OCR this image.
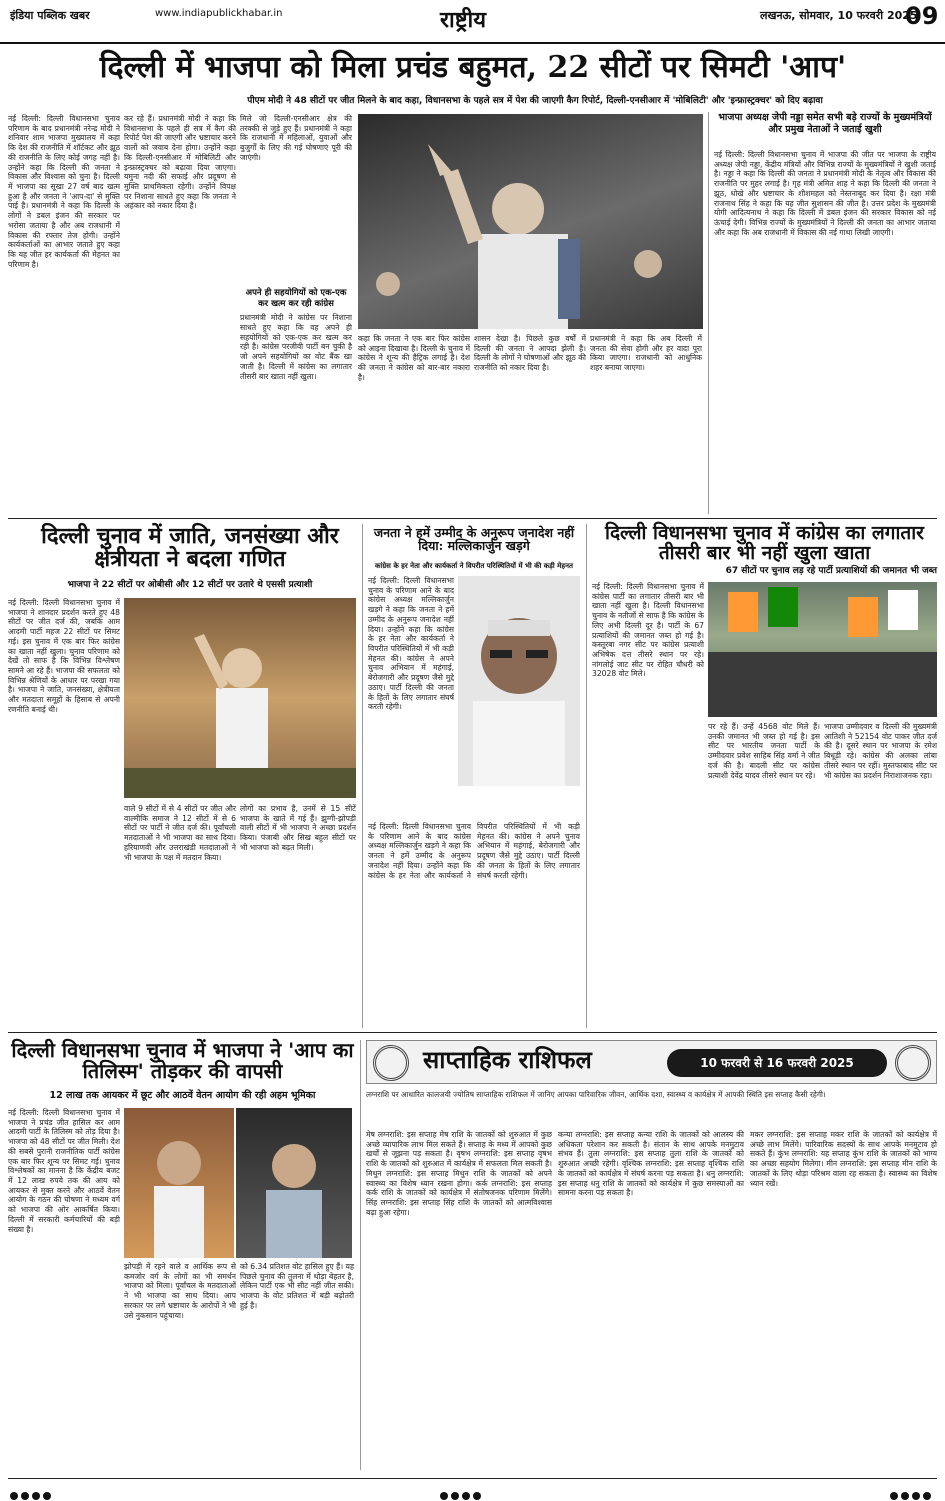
इंडिया पब्लिक खबर	www.indiapublickhabar.in	राष्ट्रीय	लखनऊ, सोमवार, 10 फरवरी 2025
09
दिल्ली में भाजपा को मिला प्रचंड बहुमत, 22 सीटों पर सिमटी 'आप'
पीएम मोदी ने 48 सीटों पर जीत मिलने के बाद कहा, विधानसभा के पहले सत्र में पेश की जाएगी कैग रिपोर्ट, दिल्ली-एनसीआर में 'मोबिलिटी' और 'इन्फ्रास्ट्रक्चर' को दिए बढ़ावा
नई दिल्ली: दिल्ली विधानसभा चुनाव परिणाम के बाद प्रधानमंत्री नरेन्द्र मोदी ने शनिवार शाम भाजपा मुख्यालय में कहा कि देश की राजनीति में शॉर्टकट और झूठ की राजनीति के लिए कोई जगह नहीं है। उन्होंने कहा कि दिल्ली की जनता ने विकास और विश्वास को चुना है। दिल्ली में भाजपा का सूखा 27 वर्ष बाद खत्म हुआ है और जनता ने 'आप-दा' से मुक्ति पाई है। प्रधानमंत्री ने कहा कि दिल्ली के लोगों ने डबल इंजन की सरकार पर भरोसा जताया है और अब राजधानी में विकास की रफ्तार तेज होगी। उन्होंने कार्यकर्ताओं का आभार जताते हुए कहा कि यह जीत हर कार्यकर्ता की मेहनत का परिणाम है।
कर रहे हैं। प्रधानमंत्री मोदी ने कहा कि विधानसभा के पहले ही सत्र में कैग की रिपोर्ट पेश की जाएगी और भ्रष्टाचार करने वालों को जवाब देना होगा। उन्होंने कहा कि दिल्ली-एनसीआर में मोबिलिटी और इन्फ्रास्ट्रक्चर को बढ़ावा दिया जाएगा। यमुना नदी की सफाई और प्रदूषण से मुक्ति प्राथमिकता रहेगी। उन्होंने विपक्ष पर निशाना साधते हुए कहा कि जनता ने अहंकार को नकार दिया है।
मिले जो दिल्ली-एनसीआर क्षेत्र की तरक्की से जुड़े हुए हैं। प्रधानमंत्री ने कहा कि राजधानी में महिलाओं, युवाओं और बुजुर्गों के लिए की गई घोषणाएं पूरी की जाएंगी।
अपने ही सहयोगियों को एक-एक कर खत्म कर रही कांग्रेस
प्रधानमंत्री मोदी ने कांग्रेस पर निशाना साधते हुए कहा कि वह अपने ही सहयोगियों को एक-एक कर खत्म कर रही है। कांग्रेस परजीवी पार्टी बन चुकी है जो अपने सहयोगियों का वोट बैंक खा जाती है। दिल्ली में कांग्रेस का लगातार तीसरी बार खाता नहीं खुला।
कहा कि जनता ने एक बार फिर कांग्रेस को आइना दिखाया है। दिल्ली के चुनाव में कांग्रेस ने शून्य की हैट्रिक लगाई है। देश की जनता ने कांग्रेस को बार-बार नकारा है।
शासन देखा है। पिछले कुछ वर्षों में दिल्ली की जनता ने आपदा झेली है। दिल्ली के लोगों ने घोषणाओं और झूठ की राजनीति को नकार दिया है।
प्रधानमंत्री ने कहा कि अब दिल्ली में जनता की सेवा होगी और हर वादा पूरा किया जाएगा। राजधानी को आधुनिक शहर बनाया जाएगा।
भाजपा अध्यक्ष जेपी नड्डा समेत सभी बड़े राज्यों के मुख्यमंत्रियों और प्रमुख नेताओं ने जताई खुशी
नई दिल्ली: दिल्ली विधानसभा चुनाव में भाजपा की जीत पर भाजपा के राष्ट्रीय अध्यक्ष जेपी नड्डा, केंद्रीय मंत्रियों और विभिन्न राज्यों के मुख्यमंत्रियों ने खुशी जताई है। नड्डा ने कहा कि दिल्ली की जनता ने प्रधानमंत्री मोदी के नेतृत्व और विकास की राजनीति पर मुहर लगाई है। गृह मंत्री अमित शाह ने कहा कि दिल्ली की जनता ने झूठ, धोखे और भ्रष्टाचार के शीशमहल को नेस्तनाबूद कर दिया है। रक्षा मंत्री राजनाथ सिंह ने कहा कि यह जीत सुशासन की जीत है। उत्तर प्रदेश के मुख्यमंत्री योगी आदित्यनाथ ने कहा कि दिल्ली में डबल इंजन की सरकार विकास को नई ऊंचाई देगी। विभिन्न राज्यों के मुख्यमंत्रियों ने दिल्ली की जनता का आभार जताया और कहा कि अब राजधानी में विकास की नई गाथा लिखी जाएगी।
दिल्ली चुनाव में जाति, जनसंख्या और क्षेत्रीयता ने बदला गणित
भाजपा ने 22 सीटों पर ओबीसी और 12 सीटों पर उतारे थे एससी प्रत्याशी
नई दिल्ली: दिल्ली विधानसभा चुनाव में भाजपा ने शानदार प्रदर्शन करते हुए 48 सीटों पर जीत दर्ज की, जबकि आम आदमी पार्टी महज 22 सीटों पर सिमट गई। इस चुनाव में एक बार फिर कांग्रेस का खाता नहीं खुला। चुनाव परिणाम को देखें तो साफ है कि विभिन्न विश्लेषण सामने आ रहे हैं। भाजपा की सफलता को विभिन्न श्रेणियों के आधार पर परखा गया है। भाजपा ने जाति, जनसंख्या, क्षेत्रीयता और मतदाता समूहों के हिसाब से अपनी रणनीति बनाई थी।
वाले 9 सीटों में से 4 सीटों पर जीत और वाल्मीकि समाज ने 12 सीटों में से 6 सीटों पर पार्टी ने जीत दर्ज की। पूर्वांचली मतदाताओं ने भी भाजपा का साथ दिया। हरियाणवी और उत्तराखंडी मतदाताओं ने भी भाजपा के पक्ष में मतदान किया।
लोगों का प्रभाव है, उनमें से 15 सीटें भाजपा के खाते में गई हैं। झुग्गी-झोपड़ी वाली सीटों में भी भाजपा ने अच्छा प्रदर्शन किया। पंजाबी और सिख बहुल सीटों पर भी भाजपा को बढ़त मिली।
जनता ने हमें उम्मीद के अनुरूप जनादेश नहीं दिया: मल्लिकार्जुन खड़गे
कांग्रेस के हर नेता और कार्यकर्ता ने विपरीत परिस्थितियों में भी की कड़ी मेहनत
नई दिल्ली: दिल्ली विधानसभा चुनाव के परिणाम आने के बाद कांग्रेस अध्यक्ष मल्लिकार्जुन खड़गे ने कहा कि जनता ने हमें उम्मीद के अनुरूप जनादेश नहीं दिया। उन्होंने कहा कि कांग्रेस के हर नेता और कार्यकर्ता ने विपरीत परिस्थितियों में भी कड़ी मेहनत की। कांग्रेस ने अपने चुनाव अभियान में महंगाई, बेरोजगारी और प्रदूषण जैसे मुद्दे उठाए। पार्टी दिल्ली की जनता के हितों के लिए लगातार संघर्ष करती रहेगी।
नई दिल्ली: दिल्ली विधानसभा चुनाव के परिणाम आने के बाद कांग्रेस अध्यक्ष मल्लिकार्जुन खड़गे ने कहा कि जनता ने हमें उम्मीद के अनुरूप जनादेश नहीं दिया। उन्होंने कहा कि कांग्रेस के हर नेता और कार्यकर्ता ने विपरीत परिस्थितियों में भी कड़ी मेहनत की। कांग्रेस ने अपने चुनाव अभियान में महंगाई, बेरोजगारी और प्रदूषण जैसे मुद्दे उठाए। पार्टी दिल्ली की जनता के हितों के लिए लगातार संघर्ष करती रहेगी।
दिल्ली विधानसभा चुनाव में कांग्रेस का लगातार तीसरी बार भी नहीं खुला खाता
67 सीटों पर चुनाव लड़ रहे पार्टी प्रत्याशियों की जमानत भी जब्त
नई दिल्ली: दिल्ली विधानसभा चुनाव में कांग्रेस पार्टी का लगातार तीसरी बार भी खाता नहीं खुला है। दिल्ली विधानसभा चुनाव के नतीजों से साफ है कि कांग्रेस के लिए अभी दिल्ली दूर है। पार्टी के 67 प्रत्याशियों की जमानत जब्त हो गई है। कस्तूरबा नगर सीट पर कांग्रेस प्रत्याशी अभिषेक दत्त तीसरे स्थान पर रहे। नांगलोई जाट सीट पर रोहित चौधरी को 32028 वोट मिले।
पर रहे हैं। उन्हें 4568 वोट मिले हैं। उनकी जमानत भी जब्त हो गई है। इस सीट पर भारतीय जनता पार्टी के उम्मीदवार प्रवेश साहिब सिंह वर्मा ने जीत दर्ज की है। बादली सीट पर कांग्रेस प्रत्याशी देवेंद्र यादव तीसरे स्थान पर रहे।
भाजपा उम्मीदवार व दिल्ली की मुख्यमंत्री आतिशी ने 52154 वोट पाकर जीत दर्ज की है। दूसरे स्थान पर भाजपा के रमेश बिधूड़ी रहे। कांग्रेस की अलका लांबा तीसरे स्थान पर रहीं। मुस्तफाबाद सीट पर भी कांग्रेस का प्रदर्शन निराशाजनक रहा।
दिल्ली विधानसभा चुनाव में भाजपा ने 'आप का तिलिस्म' तोड़कर की वापसी
12 लाख तक आयकर में छूट और आठवें वेतन आयोग की रही अहम भूमिका
नई दिल्ली: दिल्ली विधानसभा चुनाव में भाजपा ने प्रचंड जीत हासिल कर आम आदमी पार्टी के तिलिस्म को तोड़ दिया है। भाजपा को 48 सीटों पर जीत मिली। देश की सबसे पुरानी राजनीतिक पार्टी कांग्रेस एक बार फिर शून्य पर सिमट गई। चुनाव विश्लेषकों का मानना है कि केंद्रीय बजट में 12 लाख रुपये तक की आय को आयकर से मुक्त करने और आठवें वेतन आयोग के गठन की घोषणा ने मध्यम वर्ग को भाजपा की ओर आकर्षित किया। दिल्ली में सरकारी कर्मचारियों की बड़ी संख्या है।
झोपड़ी में रहने वाले व आर्थिक रूप से कमजोर वर्ग के लोगों का भी समर्थन भाजपा को मिला। पूर्वांचल के मतदाताओं ने भी भाजपा का साथ दिया। आप सरकार पर लगे भ्रष्टाचार के आरोपों ने भी उसे नुकसान पहुंचाया।
को 6.34 प्रतिशत वोट हासिल हुए हैं। यह पिछले चुनाव की तुलना में थोड़ा बेहतर है, लेकिन पार्टी एक भी सीट नहीं जीत सकी। भाजपा के वोट प्रतिशत में बड़ी बढ़ोतरी हुई है।
साप्ताहिक राशिफल	10 फरवरी से 16 फरवरी 2025
लग्नराशि पर आधारित कालजयी ज्योतिष साप्ताहिक राशिफल में जानिए आपका पारिवारिक जीवन, आर्थिक दशा, स्वास्थ्य व कार्यक्षेत्र में आपकी स्थिति इस सप्ताह कैसी रहेगी।
मेष लग्नराशि: इस सप्ताह मेष राशि के जातकों को शुरुआत में कुछ अच्छे व्यापारिक लाभ मिल सकते हैं। सप्ताह के मध्य में आपको कुछ खर्चों से जूझना पड़ सकता है। वृषभ लग्नराशि: इस सप्ताह वृषभ राशि के जातकों को शुरुआत में कार्यक्षेत्र में सफलता मिल सकती है। मिथुन लग्नराशि: इस सप्ताह मिथुन राशि के जातकों को अपने स्वास्थ्य का विशेष ध्यान रखना होगा। कर्क लग्नराशि: इस सप्ताह कर्क राशि के जातकों को कार्यक्षेत्र में संतोषजनक परिणाम मिलेंगे। सिंह लग्नराशि: इस सप्ताह सिंह राशि के जातकों को आत्मविश्वास बढ़ा हुआ रहेगा।
कन्या लग्नराशि: इस सप्ताह कन्या राशि के जातकों को आलस्य की अधिकता परेशान कर सकती है। संतान के साथ आपके मनमुटाव संभव हैं। तुला लग्नराशि: इस सप्ताह तुला राशि के जातकों को शुरुआत अच्छी रहेगी। वृश्चिक लग्नराशि: इस सप्ताह वृश्चिक राशि के जातकों को कार्यक्षेत्र में संघर्ष करना पड़ सकता है। धनु लग्नराशि: इस सप्ताह धनु राशि के जातकों को कार्यक्षेत्र में कुछ समस्याओं का सामना करना पड़ सकता है।
मकर लग्नराशि: इस सप्ताह मकर राशि के जातकों को कार्यक्षेत्र में अच्छे लाभ मिलेंगे। पारिवारिक सदस्यों के साथ आपके मनमुटाव हो सकते हैं। कुंभ लग्नराशि: यह सप्ताह कुंभ राशि के जातकों को भाग्य का अच्छा सहयोग मिलेगा। मीन लग्नराशि: इस सप्ताह मीन राशि के जातकों के लिए थोड़ा परिश्रम वाला रह सकता है। स्वास्थ्य का विशेष ध्यान रखें।
